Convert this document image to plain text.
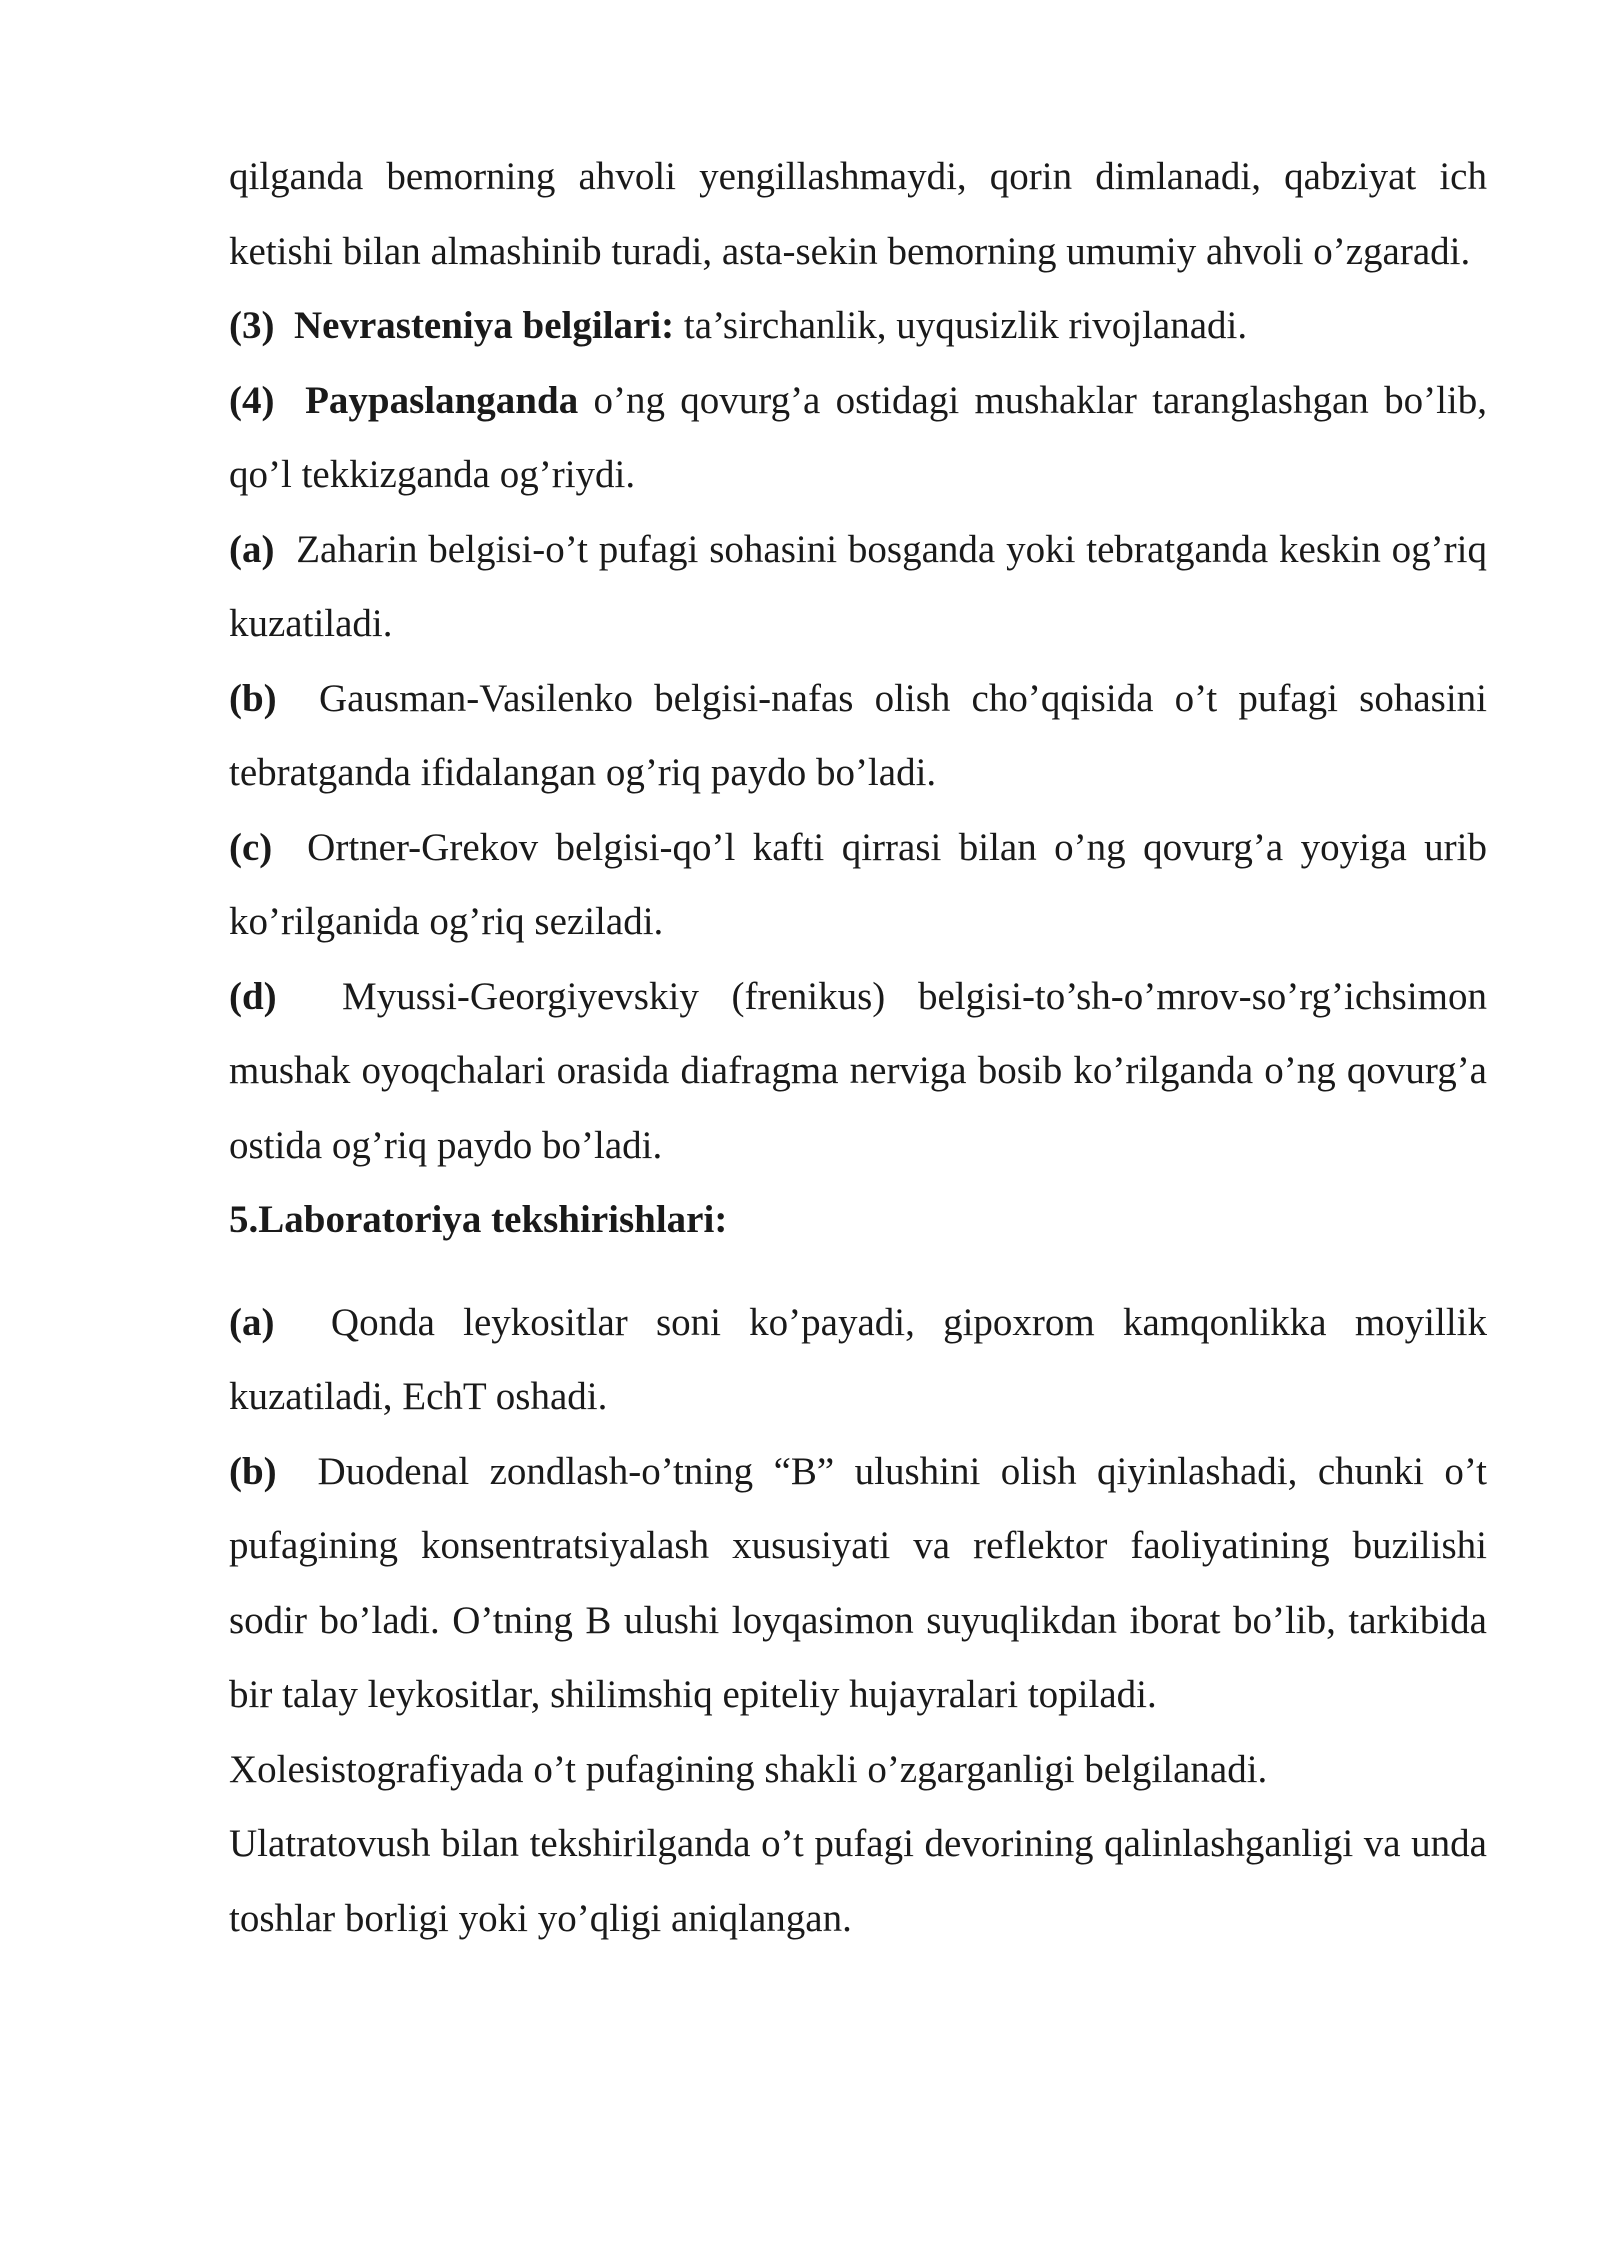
qilganda bemorning ahvoli yengillashmaydi, qorin dimlanadi, qabziyat ich ketishi bilan almashinib turadi, asta-sekin bemorning umumiy ahvoli o’zgaradi.

(3) Nevrasteniya belgilari: ta’sirchanlik, uyqusizlik rivojlanadi.

(4) Paypaslanganda o’ng qovurg’a ostidagi mushaklar taranglashgan bo’lib, qo’l tekkizganda og’riydi.

(a) Zaharin belgisi-o’t pufagi sohasini bosganda yoki tebratganda keskin og’riq kuzatiladi.

(b) Gausman-Vasilenko belgisi-nafas olish cho’qqisida o’t pufagi sohasini tebratganda ifidalangan og’riq paydo bo’ladi.

(c) Ortner-Grekov belgisi-qo’l kafti qirrasi bilan o’ng qovurg’a yoyiga urib ko’rilganida og’riq seziladi.

(d) Myussi-Georgiyevskiy (frenikus) belgisi-to’sh-o’mrov-so’rg’ichsimon mushak oyoqchalari orasida diafragma nerviga bosib ko’rilganda o’ng qovurg’a ostida og’riq paydo bo’ladi.

5.Laboratoriya tekshirishlari:

(a) Qonda leykositlar soni ko’payadi, gipoxrom kamqonlikka moyillik kuzatiladi, EchT oshadi.

(b) Duodenal zondlash-o’tning “B” ulushini olish qiyinlashadi, chunki o’t pufagining konsentratsiyalash xususiyati va reflektor faoliyatining buzilishi sodir bo’ladi. O’tning B ulushi loyqasimon suyuqlikdan iborat bo’lib, tarkibida bir talay leykositlar, shilimshiq epiteliy hujayralari topiladi.

Xolesistografiyada o’t pufagining shakli o’zgarganligi belgilanadi.

Ulatratovush bilan tekshirilganda o’t pufagi devorining qalinlashganligi va unda toshlar borligi yoki yo’qligi aniqlangan.
